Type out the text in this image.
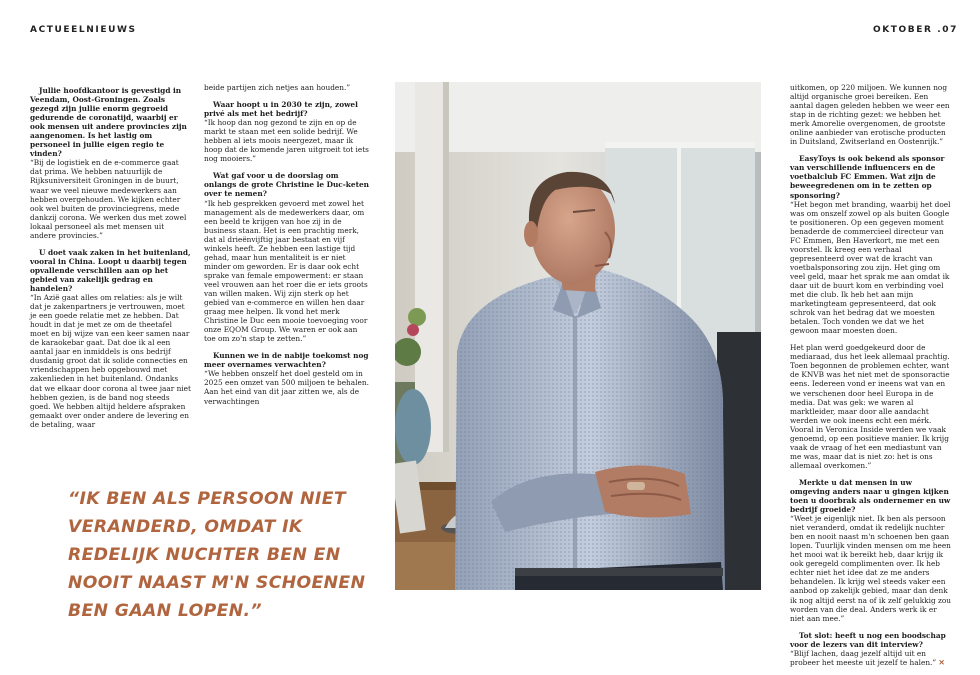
ACTUEELNIEUWS	OKTOBER .07

Jullie hoofdkantoor is gevestigd in Veendam, Oost-Groningen. Zoals gezegd zijn jullie enorm gegroeid gedurende de coronatijd, waarbij er ook mensen uit andere provincies zijn aangenomen. Is het lastig om personeel in jullie eigen regio te vinden?

“Bij de logistiek en de e-commerce gaat dat prima. We hebben natuurlijk de Rijksuniversiteit Groningen in de buurt, waar we veel nieuwe medewerkers aan hebben overgehouden. We kijken echter ook wel buiten de provinciegrens, mede dankzij corona. We werken dus met zowel lokaal personeel als met mensen uit andere provincies.”

U doet vaak zaken in het buitenland, vooral in China. Loopt u daarbij tegen opvallende verschillen aan op het gebied van zakelijk gedrag en handelen?

“In Azië gaat alles om relaties: als je wilt dat je zakenpartners je vertrouwen, moet je een goede relatie met ze hebben. Dat houdt in dat je met ze om de theetafel moet en bij wijze van een keer samen naar de karaokebar gaat. Dat doe ik al een aantal jaar en inmiddels is ons bedrijf dusdanig groot dat ik solide connecties en vriendschappen heb opgebouwd met zakenlieden in het buitenland. Ondanks dat we elkaar door corona al twee jaar niet hebben gezien, is de band nog steeds goed. We hebben altijd heldere afspraken gemaakt over onder andere de levering en de betaling, waar

beide partijen zich netjes aan houden.”

Waar hoopt u in 2030 te zijn, zowel privé als met het bedrijf?

“Ik hoop dan nog gezond te zijn en op de markt te staan met een solide bedrijf. We hebben al iets moois neergezet, maar ik hoop dat de komende jaren uitgroeit tot iets nog mooiers.”

Wat gaf voor u de doorslag om onlangs de grote Christine le Duc-keten over te nemen?

“Ik heb gesprekken gevoerd met zowel het management als de medewerkers daar, om een beeld te krijgen van hoe zij in de business staan. Het is een prachtig merk, dat al drieënvijftig jaar bestaat en vijf winkels heeft. Ze hebben een lastige tijd gehad, maar hun mentaliteit is er niet minder om geworden. Er is daar ook echt sprake van female empowerment: er staan veel vrouwen aan het roer die er iets groots van willen maken. Wij zijn sterk op het gebied van e-commerce en willen hen daar graag mee helpen. Ik vond het merk Christine le Duc een mooie toevoeging voor onze EQOM Group. We waren er ook aan toe om zo'n stap te zetten.”

Kunnen we in de nabije toekomst nog meer overnames verwachten?

“We hebben onszelf het doel gesteld om in 2025 een omzet van 500 miljoen te behalen. Aan het eind van dit jaar zitten we, als de verwachtingen

uitkomen, op 220 miljoen. We kunnen nog altijd organische groei bereiken. Een aantal dagen geleden hebben we weer een stap in de richting gezet: we hebben het merk Amorelie overgenomen, de grootste online aanbieder van erotische producten in Duitsland, Zwitserland en Oostenrijk.”

EasyToys is ook bekend als sponsor van verschillende influencers en de voetbalclub FC Emmen. Wat zijn de beweegredenen om in te zetten op sponsoring?

“Het begon met branding, waarbij het doel was om onszelf zowel op als buiten Google te positioneren. Op een gegeven moment benaderde de commercieel directeur van FC Emmen, Ben Haverkort, me met een voorstel. Ik kreeg een verhaal gepresenteerd over wat de kracht van voetbalsponsoring zou zijn. Het ging om veel geld, maar het sprak me aan omdat ik daar uit de buurt kom en verbinding voel met die club. Ik heb het aan mijn marketingteam gepresenteerd, dat ook schrok van het bedrag dat we moesten betalen. Toch vonden we dat we het gewoon maar moesten doen.

Het plan werd goedgekeurd door de mediaraad, dus het leek allemaal prachtig. Toen begonnen de problemen echter, want de KNVB was het niet met de sponsoractie eens. Iedereen vond er ineens wat van en we verschenen door heel Europa in de media. Dat was gek: we waren al marktleider, maar door alle aandacht werden we ook ineens echt een mérk. Vooral in Veronica Inside werden we vaak genoemd, op een positieve manier. Ik krijg vaak de vraag of het een mediastunt van me was, maar dat is niet zo: het is ons allemaal overkomen.”

Merkte u dat mensen in uw omgeving anders naar u gingen kijken toen u doorbrak als ondernemer en uw bedrijf groeide?

“Weet je eigenlijk niet. Ik ben als persoon niet veranderd, omdat ik redelijk nuchter ben en nooit naast m'n schoenen ben gaan lopen. Tuurlijk vinden mensen om me heen het mooi wat ik bereikt heb, daar krijg ik ook geregeld complimenten over. Ik heb echter niet het idee dat ze me anders behandelen. Ik krijg wel steeds vaker een aanbod op zakelijk gebied, maar dan denk ik nog altijd eerst na of ik zelf gelukkig zou worden van die deal. Anders werk ik er niet aan mee.”

Tot slot: heeft u nog een boodschap voor de lezers van dit interview?

“Blijf lachen, daag jezelf altijd uit en probeer het meeste uit jezelf te halen.” ✕

“IK BEN ALS PERSOON NIET VERANDERD, OMDAT IK REDELIJK NUCHTER BEN EN NOOIT NAAST M'N SCHOENEN BEN GAAN LOPEN.”
